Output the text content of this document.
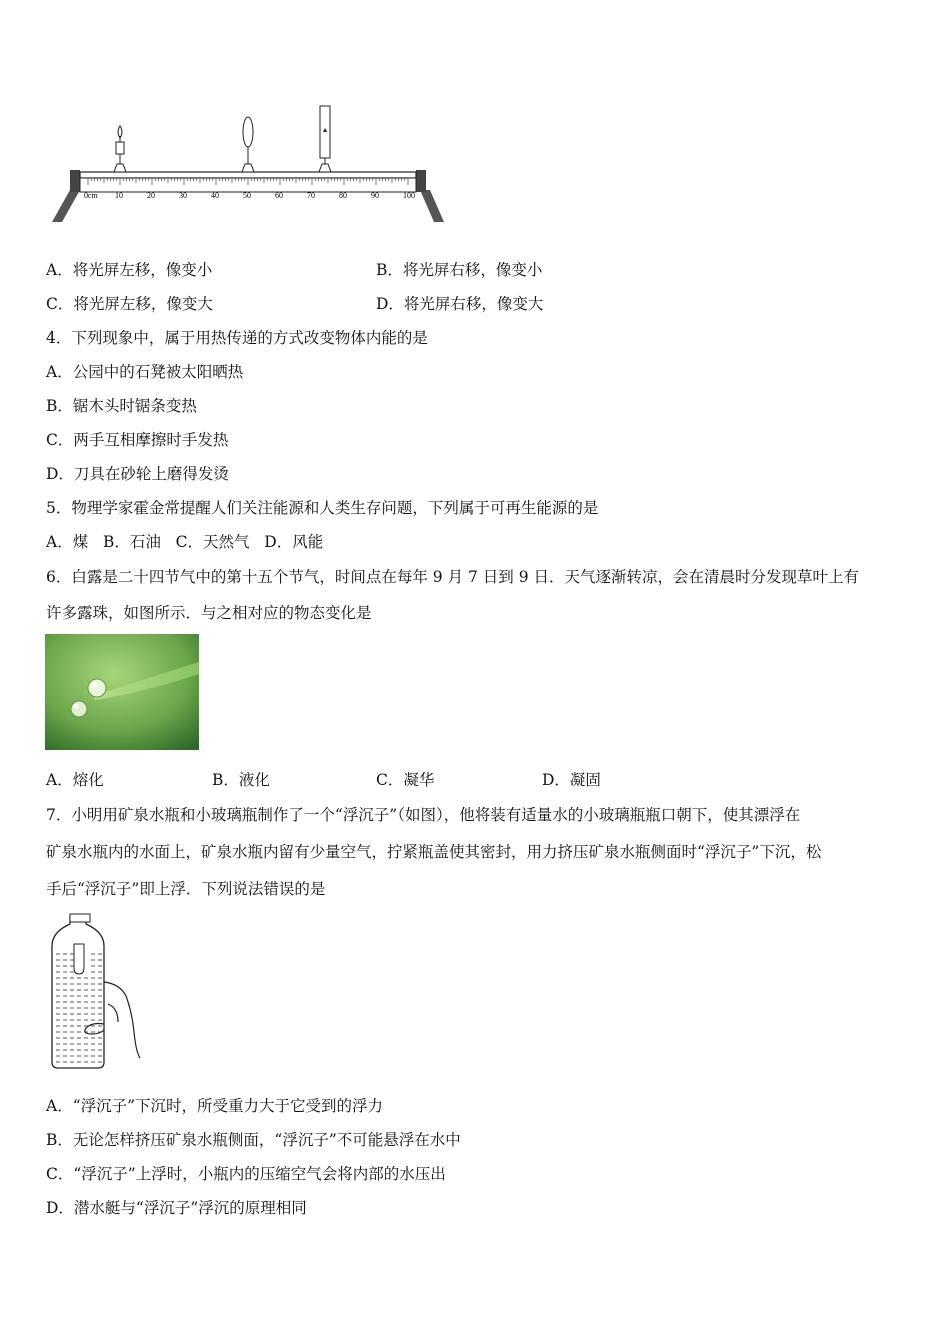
0cm 10	20	30	40	50	60	70	80	90	100
A．将光屏左移，像变小	B．将光屏右移，像变小
C．将光屏左移，像变大	D．将光屏右移，像变大
4．下列现象中，属于用热传递的方式改变物体内能的是
A．公园中的石凳被太阳晒热
B．锯木头时锯条变热
C．两手互相摩擦时手发热
D．刀具在砂轮上磨得发烫
5．物理学家霍金常提醒人们关注能源和人类生存问题，下列属于可再生能源的是
A．煤   B．石油   C．天然气   D．风能
6．白露是二十四节气中的第十五个节气，时间点在每年 9 月 7 日到 9 日．天气逐渐转凉，会在清晨时分发现草叶上有
许多露珠，如图所示．与之相对应的物态变化是
A．熔化	B．液化	C．凝华	D．凝固
7．小明用矿泉水瓶和小玻璃瓶制作了一个“浮沉子”（如图），他将装有适量水的小玻璃瓶瓶口朝下，使其漂浮在
矿泉水瓶内的水面上，矿泉水瓶内留有少量空气，拧紧瓶盖使其密封，用力挤压矿泉水瓶侧面时“浮沉子”下沉，松
手后“浮沉子”即上浮．下列说法错误的是
A．“浮沉子”下沉时，所受重力大于它受到的浮力
B．无论怎样挤压矿泉水瓶侧面，“浮沉子”不可能悬浮在水中
C．“浮沉子”上浮时，小瓶内的压缩空气会将内部的水压出
D．潜水艇与“浮沉子”浮沉的原理相同
